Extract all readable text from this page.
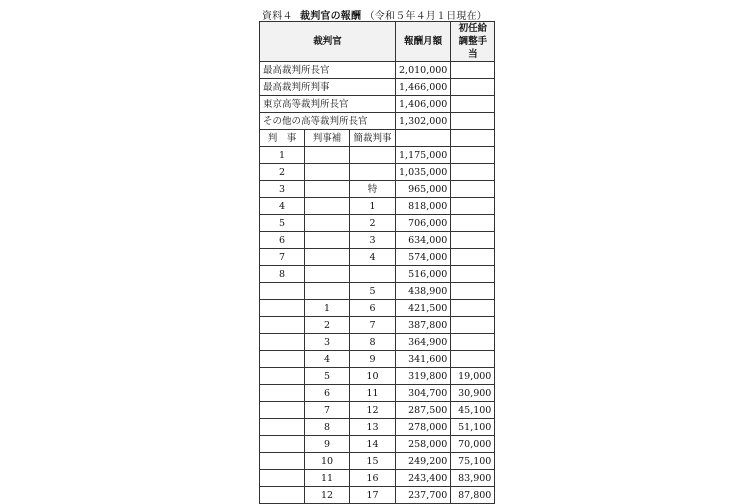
資料４ 裁判官の報酬 （令和５年４月１日現在）
裁判官			報酬月額	初任給調整手当
最高裁判所長官			2,010,000	
最高裁判所判事			1,466,000	
東京高等裁判所長官			1,406,000	
その他の高等裁判所長官			1,302,000	
判　事	判事補	簡裁判事		
1			1,175,000	
2			1,035,000	
3		特	965,000	
4		1	818,000	
5		2	706,000	
6		3	634,000	
7		4	574,000	
8			516,000	
		5	438,900	
	1	6	421,500	
	2	7	387,800	
	3	8	364,900	
	4	9	341,600	
	5	10	319,800	19,000
	6	11	304,700	30,900
	7	12	287,500	45,100
	8	13	278,000	51,100
	9	14	258,000	70,000
	10	15	249,200	75,100
	11	16	243,400	83,900
	12	17	237,700	87,800
